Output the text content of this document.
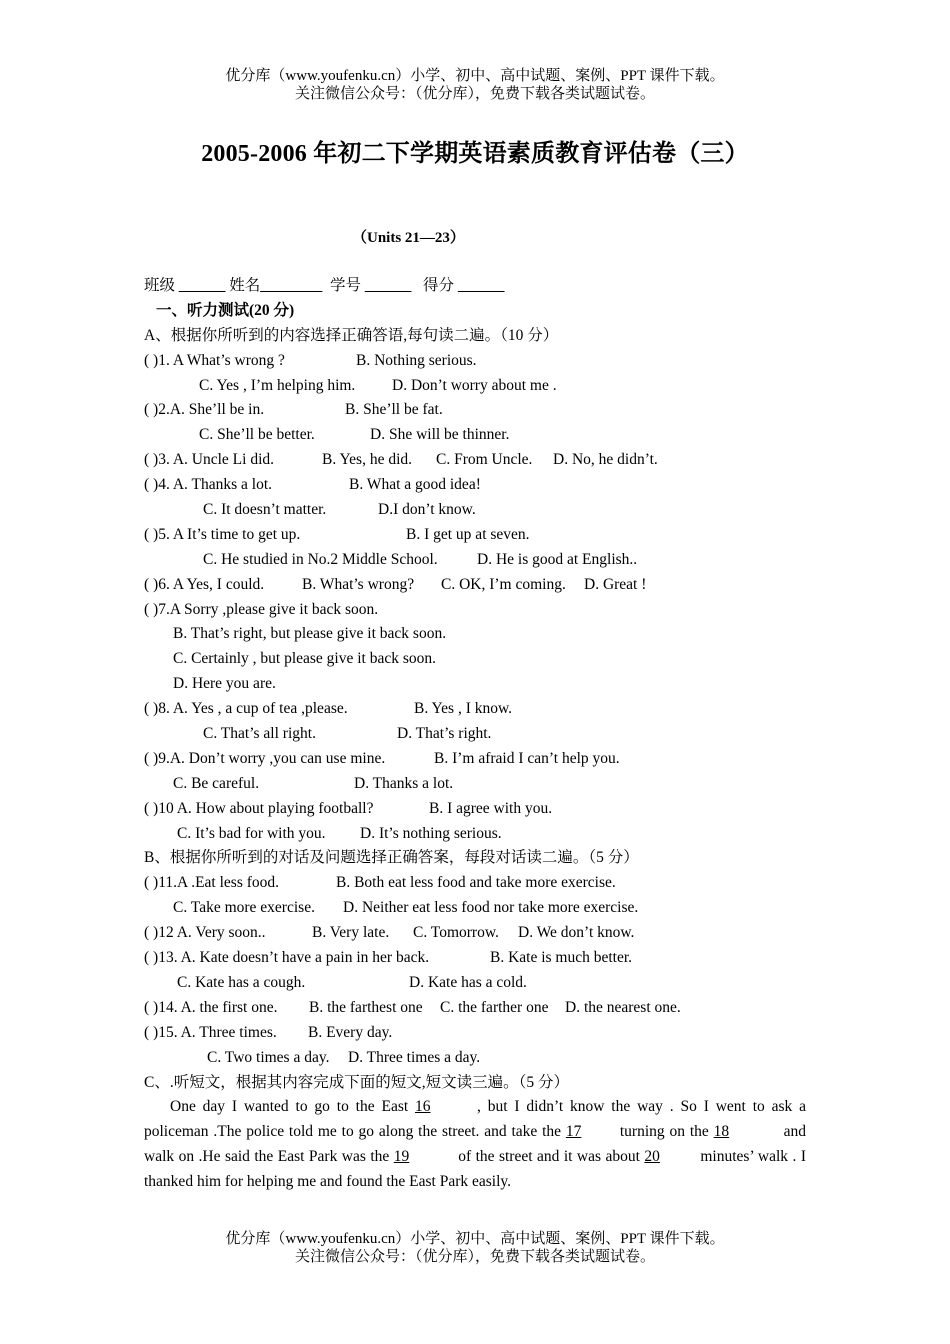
优分库（www.youfenku.cn）小学、初中、高中试题、案例、PPT 课件下载。
关注微信公众号：（优分库），免费下载各类试题试卷。
2005-2006 年初二下学期英语素质教育评估卷（三）
（Units 21—23）
班级 ______ 姓名________ 学号 ______ 得分 ______
一、听力测试(20 分)
A、根据你所听到的内容选择正确答语,每句读二遍。（10 分）
( )1. A What’s wrong ?	B. Nothing serious.
C. Yes , I’m helping him. D. Don’t worry about me .
( )2.A. She’ll be in.	B. She’ll be fat.
C. She’ll be better.	D. She will be thinner.
( )3. A. Uncle Li did.	B. Yes, he did. C. From Uncle. D. No, he didn’t.
( )4. A. Thanks a lot.	B. What a good idea!
C. It doesn’t matter.	D.I don’t know.
( )5. A It’s time to get up.	B. I get up at seven.
C. He studied in No.2 Middle School.	D. He is good at English..
( )6. A Yes, I could. B. What’s wrong? C. OK, I’m coming. D. Great !
( )7.A Sorry ,please give it back soon.
B. That’s right, but please give it back soon.
C. Certainly , but please give it back soon.
D. Here you are.
( )8. A. Yes , a cup of tea ,please.	B. Yes , I know.
C. That’s all right.	D. That’s right.
( )9.A. Don’t worry ,you can use mine.	B. I’m afraid I can’t help you.
C. Be careful.	D. Thanks a lot.
( )10 A. How about playing football?	B. I agree with you.
C. It’s bad for with you. D. It’s nothing serious.
B、根据你所听到的对话及问题选择正确答案，每段对话读二遍。（5 分）
( )11.A .Eat less food.	B. Both eat less food and take more exercise.
C. Take more exercise. D. Neither eat less food nor take more exercise.
( )12 A. Very soon..	B. Very late. C. Tomorrow. D. We don’t know.
( )13. A. Kate doesn’t have a pain in her back.	B. Kate is much better.
C. Kate has a cough.	D. Kate has a cold.
( )14. A. the first one. B. the farthest one C. the farther one D. the nearest one.
( )15. A. Three times. B. Every day.
C. Two times a day. D. Three times a day.
C、.听短文，根据其内容完成下面的短文,短文读三遍。（5 分）
One day I wanted to go to the East 16	, but I didn’t know the way . So I went to ask a policeman .The police told me to go along the street. and take the 17 turning on the 18	and walk on .He said the East Park was the 19	of the street and it was about 20	minutes’ walk . I thanked him for helping me and found the East Park easily.
优分库（www.youfenku.cn）小学、初中、高中试题、案例、PPT 课件下载。
关注微信公众号：（优分库），免费下载各类试题试卷。
